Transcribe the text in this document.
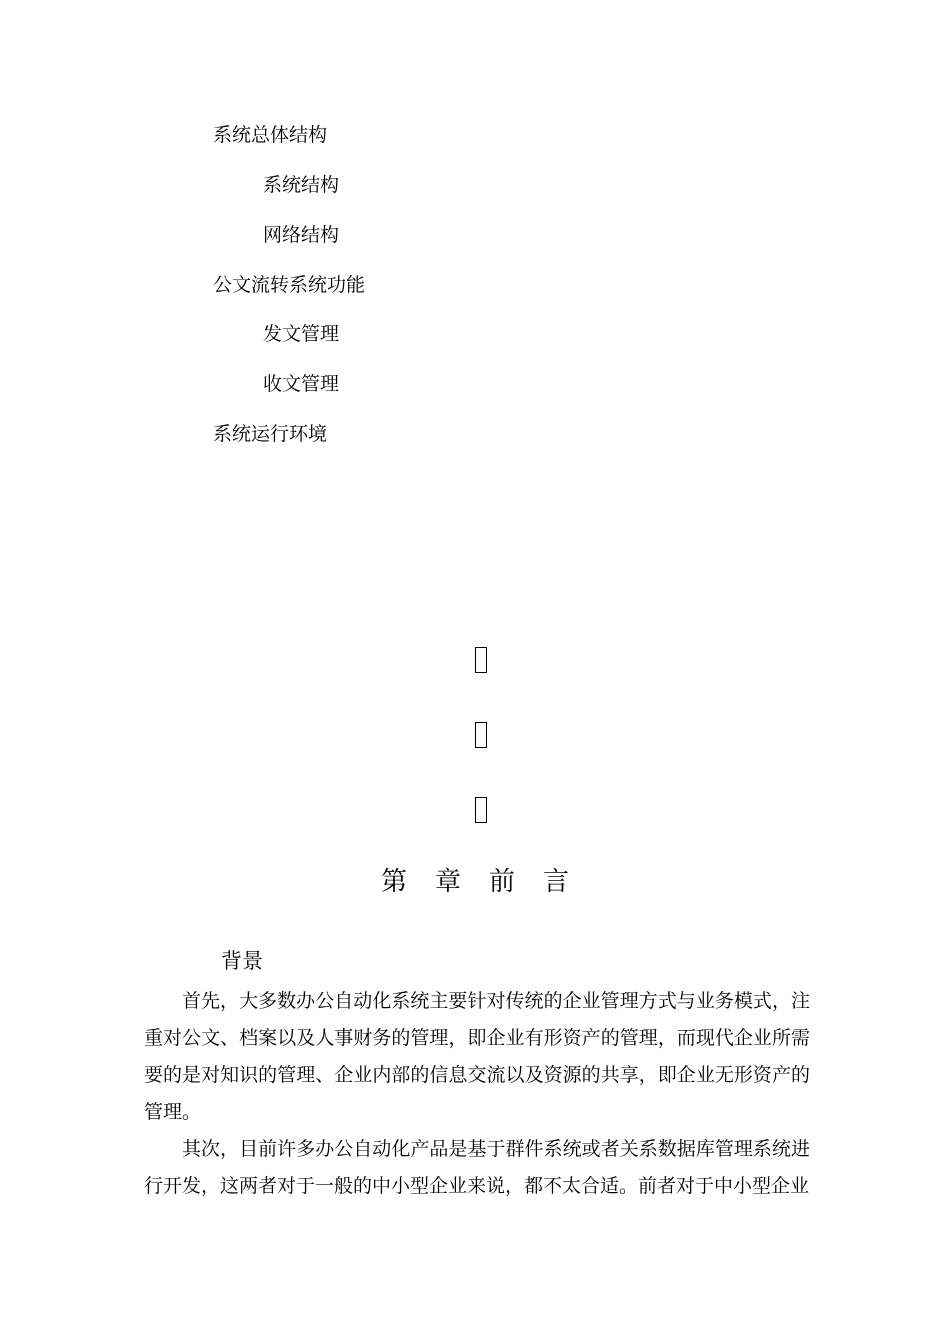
系统总体结构
系统结构
网络结构
公文流转系统功能
发文管理
收文管理
系统运行环境
第章前言
背景

首先，大多数办公自动化系统主要针对传统的企业管理方式与业务模式，注重对公文、档案以及人事财务的管理，即企业有形资产的管理，而现代企业所需要的是对知识的管理、企业内部的信息交流以及资源的共享，即企业无形资产的管理。

其次，目前许多办公自动化产品是基于群件系统或者关系数据库管理系统进行开发，这两者对于一般的中小型企业来说，都不太合适。前者对于中小型企业
